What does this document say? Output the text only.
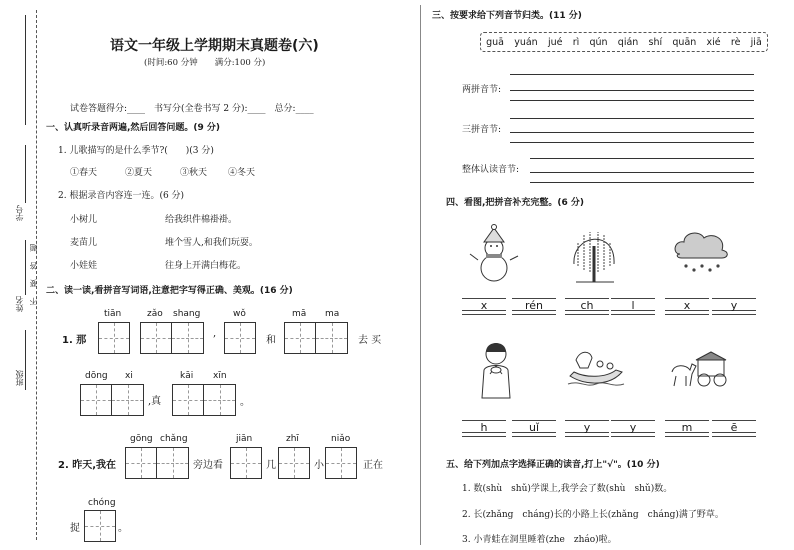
班级
姓名 不 要 答 题
学号
语文一年级上学期期末真题卷(六)
(时间:60 分钟　　满分:100 分)
试卷答题得分:____　书写分(全卷书写 2 分):____　总分:____
一、认真听录音两遍,然后回答问题。(9 分)
1. 儿歌描写的是什么季节?(　　)(3 分)
①春天	②夏天	③秋天 ④冬天
2. 根据录音内容连一连。(6 分)
小树儿
麦苗儿
小娃娃
给我织件棉褂褂。
堆个雪人,和我们玩耍。
往身上开满白梅花。
二、读一读,看拼音写词语,注意把字写得正确、美观。(16 分)
tiān	zǎo shang	wǒ	mā ma
1. 那
,
和	去 买
dōng xi	kāi xīn
,真	。
gōng chǎng	jiān	zhī	niǎo
2. 昨天,我在	旁边看	几	小	正在
chóng
捉	。
三、按要求给下列音节归类。(11 分)
guā yuán jué rì qún qián shí quān xié rè jiā
两拼音节:
三拼音节:
整体认读音节:
四、看图,把拼音补充完整。(6 分)
x	rén	ch	l	x	y
h	uǐ	y	y	m	ē
五、给下列加点字选择正确的读音,打上"√"。(10 分)
1. 数(shù　shǔ)学课上,我学会了数(shù　shǔ)数。
2. 长(zhǎng　cháng)长的小路上长(zhǎng　cháng)满了野草。
3. 小青蛙在洞里睡着(zhe　zháo)啦。
